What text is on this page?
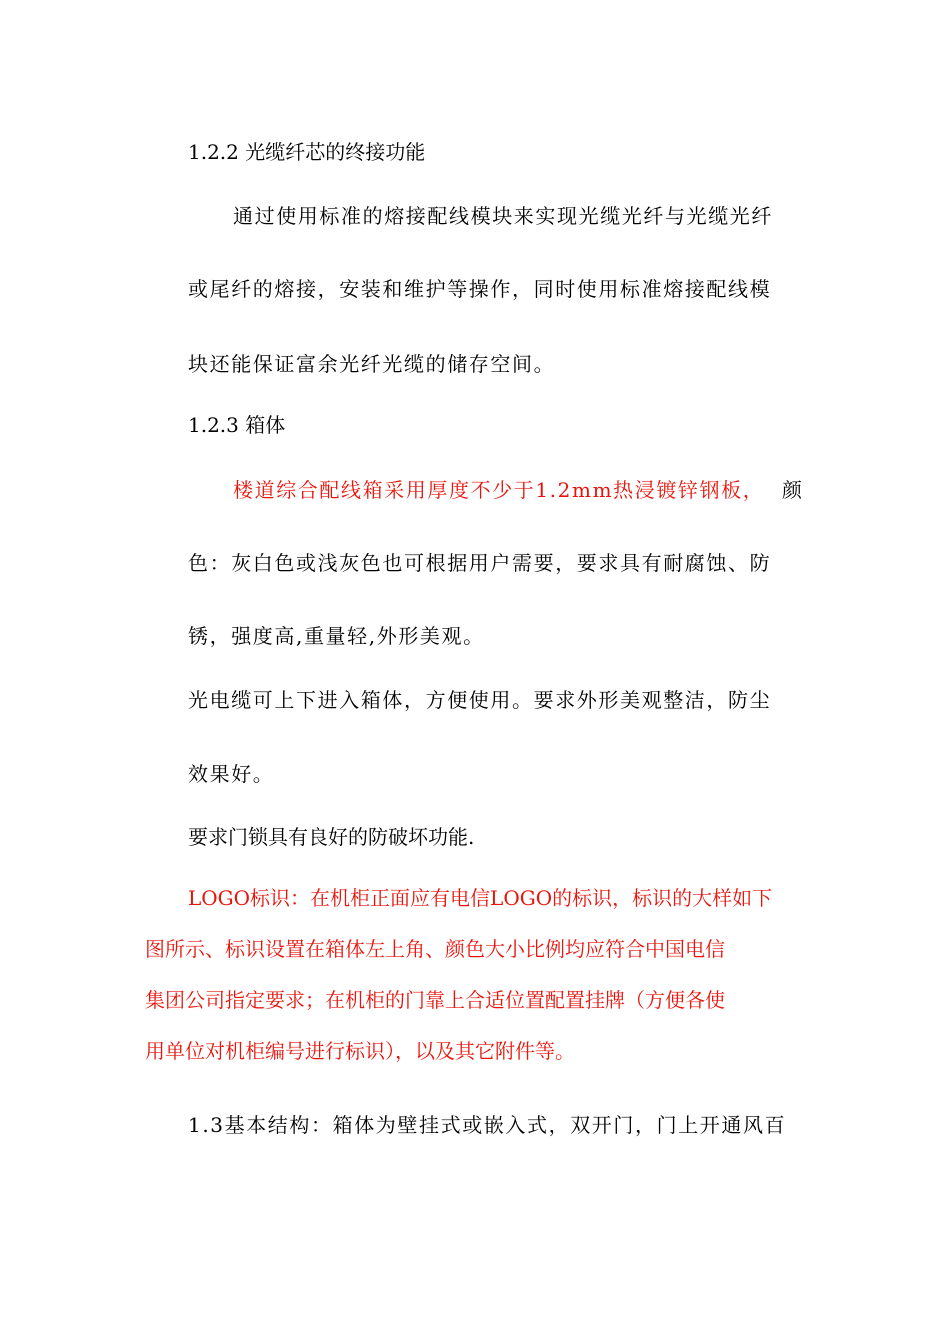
1.2.2 光缆纤芯的终接功能
通过使用标准的熔接配线模块来实现光缆光纤与光缆光纤
或尾纤的熔接，安装和维护等操作，同时使用标准熔接配线模
块还能保证富余光纤光缆的储存空间。
1.2.3 箱体
楼道综合配线箱采用厚度不少于1.2mm热浸镀锌钢板， 颜
色：灰白色或浅灰色也可根据用户需要，要求具有耐腐蚀、防
锈，强度高,重量轻,外形美观。
光电缆可上下进入箱体，方便使用。要求外形美观整洁，防尘
效果好。
要求门锁具有良好的防破坏功能.
LOGO标识：在机柜正面应有电信LOGO的标识，标识的大样如下
图所示、标识设置在箱体左上角、颜色大小比例均应符合中国电信
集团公司指定要求；在机柜的门靠上合适位置配置挂牌（方便各使
用单位对机柜编号进行标识），以及其它附件等。
1.3基本结构：箱体为壁挂式或嵌入式，双开门，门上开通风百
